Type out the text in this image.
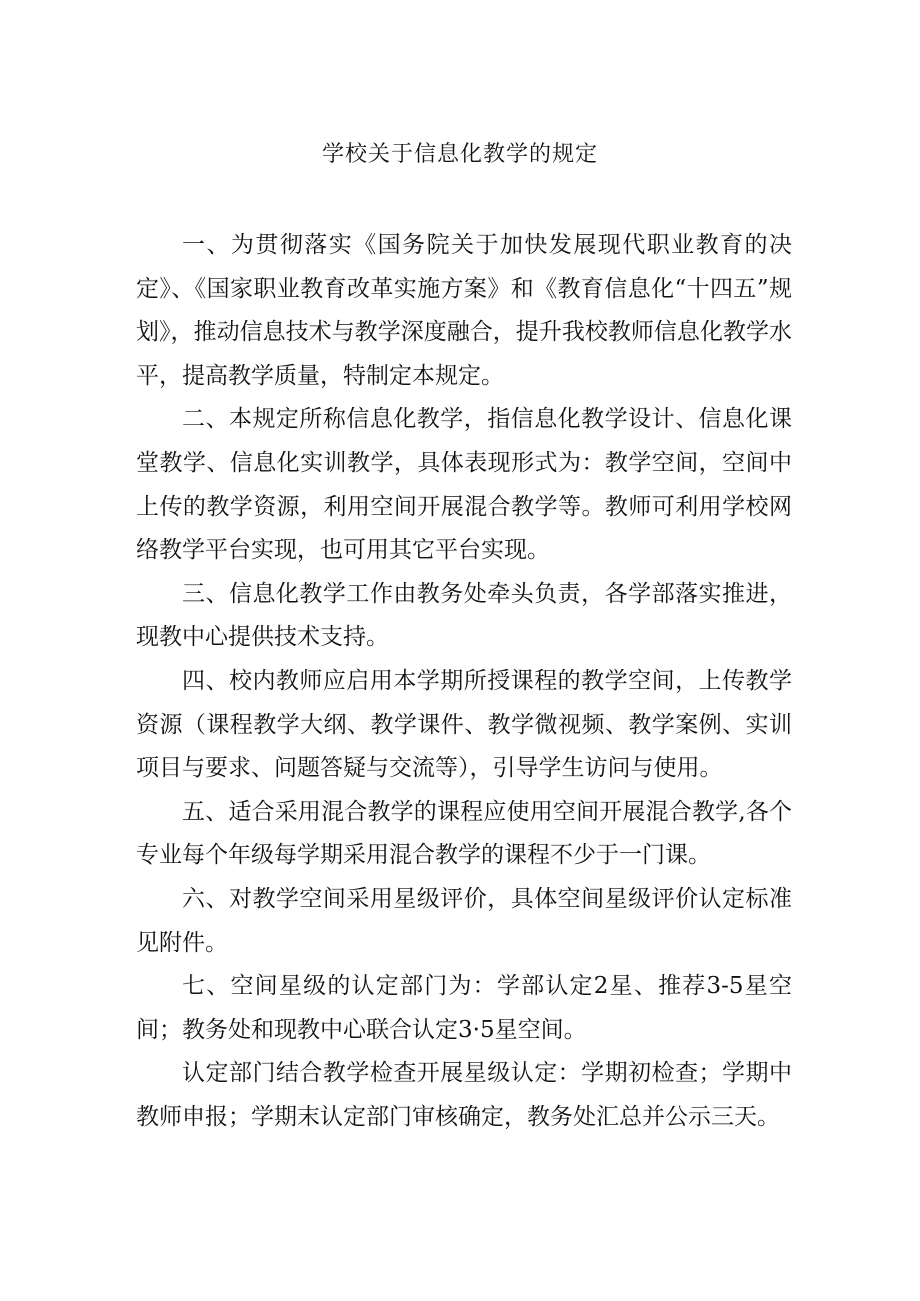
学校关于信息化教学的规定

一、为贯彻落实《国务院关于加快发展现代职业教育的决定》、《国家职业教育改革实施方案》和《教育信息化“十四五”规划》，推动信息技术与教学深度融合，提升我校教师信息化教学水平，提高教学质量，特制定本规定。

二、本规定所称信息化教学，指信息化教学设计、信息化课堂教学、信息化实训教学，具体表现形式为：教学空间，空间中上传的教学资源，利用空间开展混合教学等。教师可利用学校网络教学平台实现，也可用其它平台实现。

三、信息化教学工作由教务处牵头负责，各学部落实推进，现教中心提供技术支持。

四、校内教师应启用本学期所授课程的教学空间，上传教学资源（课程教学大纲、教学课件、教学微视频、教学案例、实训项目与要求、问题答疑与交流等），引导学生访问与使用。

五、适合采用混合教学的课程应使用空间开展混合教学,各个专业每个年级每学期采用混合教学的课程不少于一门课。

六、对教学空间采用星级评价，具体空间星级评价认定标准见附件。

七、空间星级的认定部门为：学部认定2星、推荐3-5星空间；教务处和现教中心联合认定3·5星空间。

认定部门结合教学检查开展星级认定：学期初检查；学期中教师申报；学期末认定部门审核确定，教务处汇总并公示三天。
